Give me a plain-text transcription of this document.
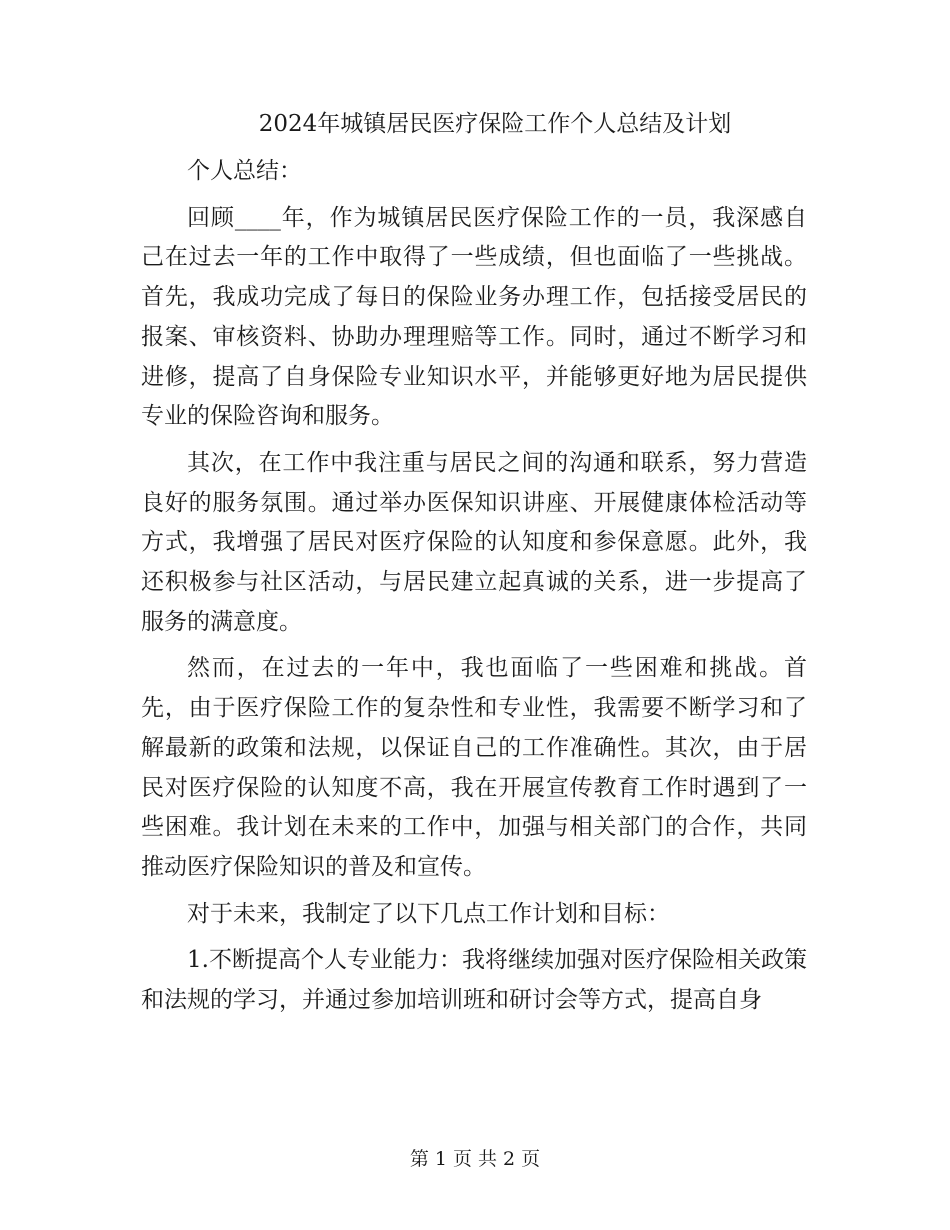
2024年城镇居民医疗保险工作个人总结及计划

个人总结：

回顾____年，作为城镇居民医疗保险工作的一员，我深感自己在过去一年的工作中取得了一些成绩，但也面临了一些挑战。首先，我成功完成了每日的保险业务办理工作，包括接受居民的报案、审核资料、协助办理理赔等工作。同时，通过不断学习和进修，提高了自身保险专业知识水平，并能够更好地为居民提供专业的保险咨询和服务。

其次，在工作中我注重与居民之间的沟通和联系，努力营造良好的服务氛围。通过举办医保知识讲座、开展健康体检活动等方式，我增强了居民对医疗保险的认知度和参保意愿。此外，我还积极参与社区活动，与居民建立起真诚的关系，进一步提高了服务的满意度。

然而，在过去的一年中，我也面临了一些困难和挑战。首先，由于医疗保险工作的复杂性和专业性，我需要不断学习和了解最新的政策和法规，以保证自己的工作准确性。其次，由于居民对医疗保险的认知度不高，我在开展宣传教育工作时遇到了一些困难。我计划在未来的工作中，加强与相关部门的合作，共同推动医疗保险知识的普及和宣传。

对于未来，我制定了以下几点工作计划和目标：

1.不断提高个人专业能力：我将继续加强对医疗保险相关政策和法规的学习，并通过参加培训班和研讨会等方式，提高自身

第 1 页 共 2 页
